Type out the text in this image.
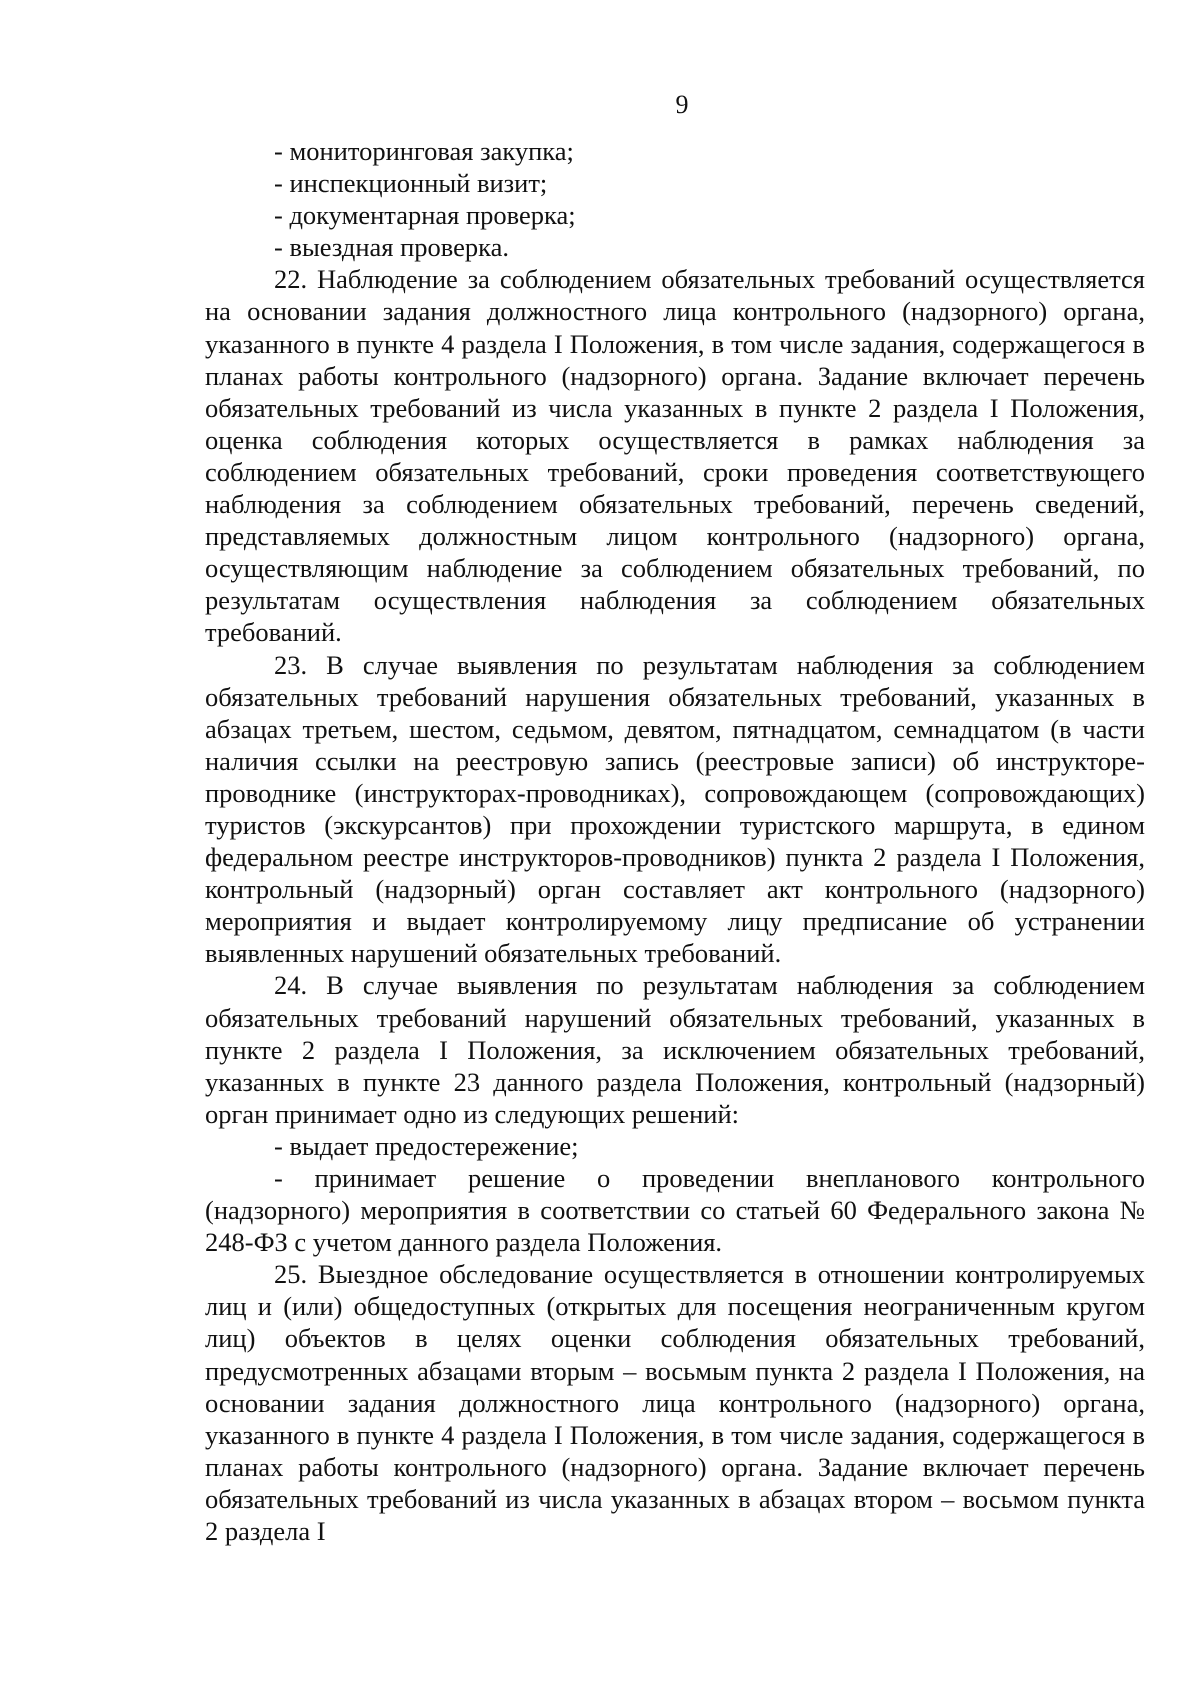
9

- мониторинговая закупка;

- инспекционный визит;

- документарная проверка;

- выездная проверка.

22. Наблюдение за соблюдением обязательных требований осуществляется на основании задания должностного лица контрольного (надзорного) органа, указанного в пункте 4 раздела I Положения, в том числе задания, содержащегося в планах работы контрольного (надзорного) органа. Задание включает перечень обязательных требований из числа указанных в пункте 2 раздела I Положения, оценка соблюдения которых осуществляется в рамках наблюдения за соблюдением обязательных требований, сроки проведения соответствующего наблюдения за соблюдением обязательных требований, перечень сведений, представляемых должностным лицом контрольного (надзорного) органа, осуществляющим наблюдение за соблюдением обязательных требований, по результатам осуществления наблюдения за соблюдением обязательных требований.

23. В случае выявления по результатам наблюдения за соблюдением обязательных требований нарушения обязательных требований, указанных в абзацах третьем, шестом, седьмом, девятом, пятнадцатом, семнадцатом (в части наличия ссылки на реестровую запись (реестровые записи) об инструкторе-проводнике (инструкторах-проводниках), сопровождающем (сопровождающих) туристов (экскурсантов) при прохождении туристского маршрута, в едином федеральном реестре инструкторов-проводников) пункта 2 раздела I Положения, контрольный (надзорный) орган составляет акт контрольного (надзорного) мероприятия и выдает контролируемому лицу предписание об устранении выявленных нарушений обязательных требований.

24. В случае выявления по результатам наблюдения за соблюдением обязательных требований нарушений обязательных требований, указанных в пункте 2 раздела I Положения, за исключением обязательных требований, указанных в пункте 23 данного раздела Положения, контрольный (надзорный) орган принимает одно из следующих решений:

- выдает предостережение;

- принимает решение о проведении внепланового контрольного (надзорного) мероприятия в соответствии со статьей 60 Федерального закона № 248-ФЗ с учетом данного раздела Положения.

25. Выездное обследование осуществляется в отношении контролируемых лиц и (или) общедоступных (открытых для посещения неограниченным кругом лиц) объектов в целях оценки соблюдения обязательных требований, предусмотренных абзацами вторым – восьмым пункта 2 раздела I Положения, на основании задания должностного лица контрольного (надзорного) органа, указанного в пункте 4 раздела I Положения, в том числе задания, содержащегося в планах работы контрольного (надзорного) органа. Задание включает перечень обязательных требований из числа указанных в абзацах втором – восьмом пункта 2 раздела I
